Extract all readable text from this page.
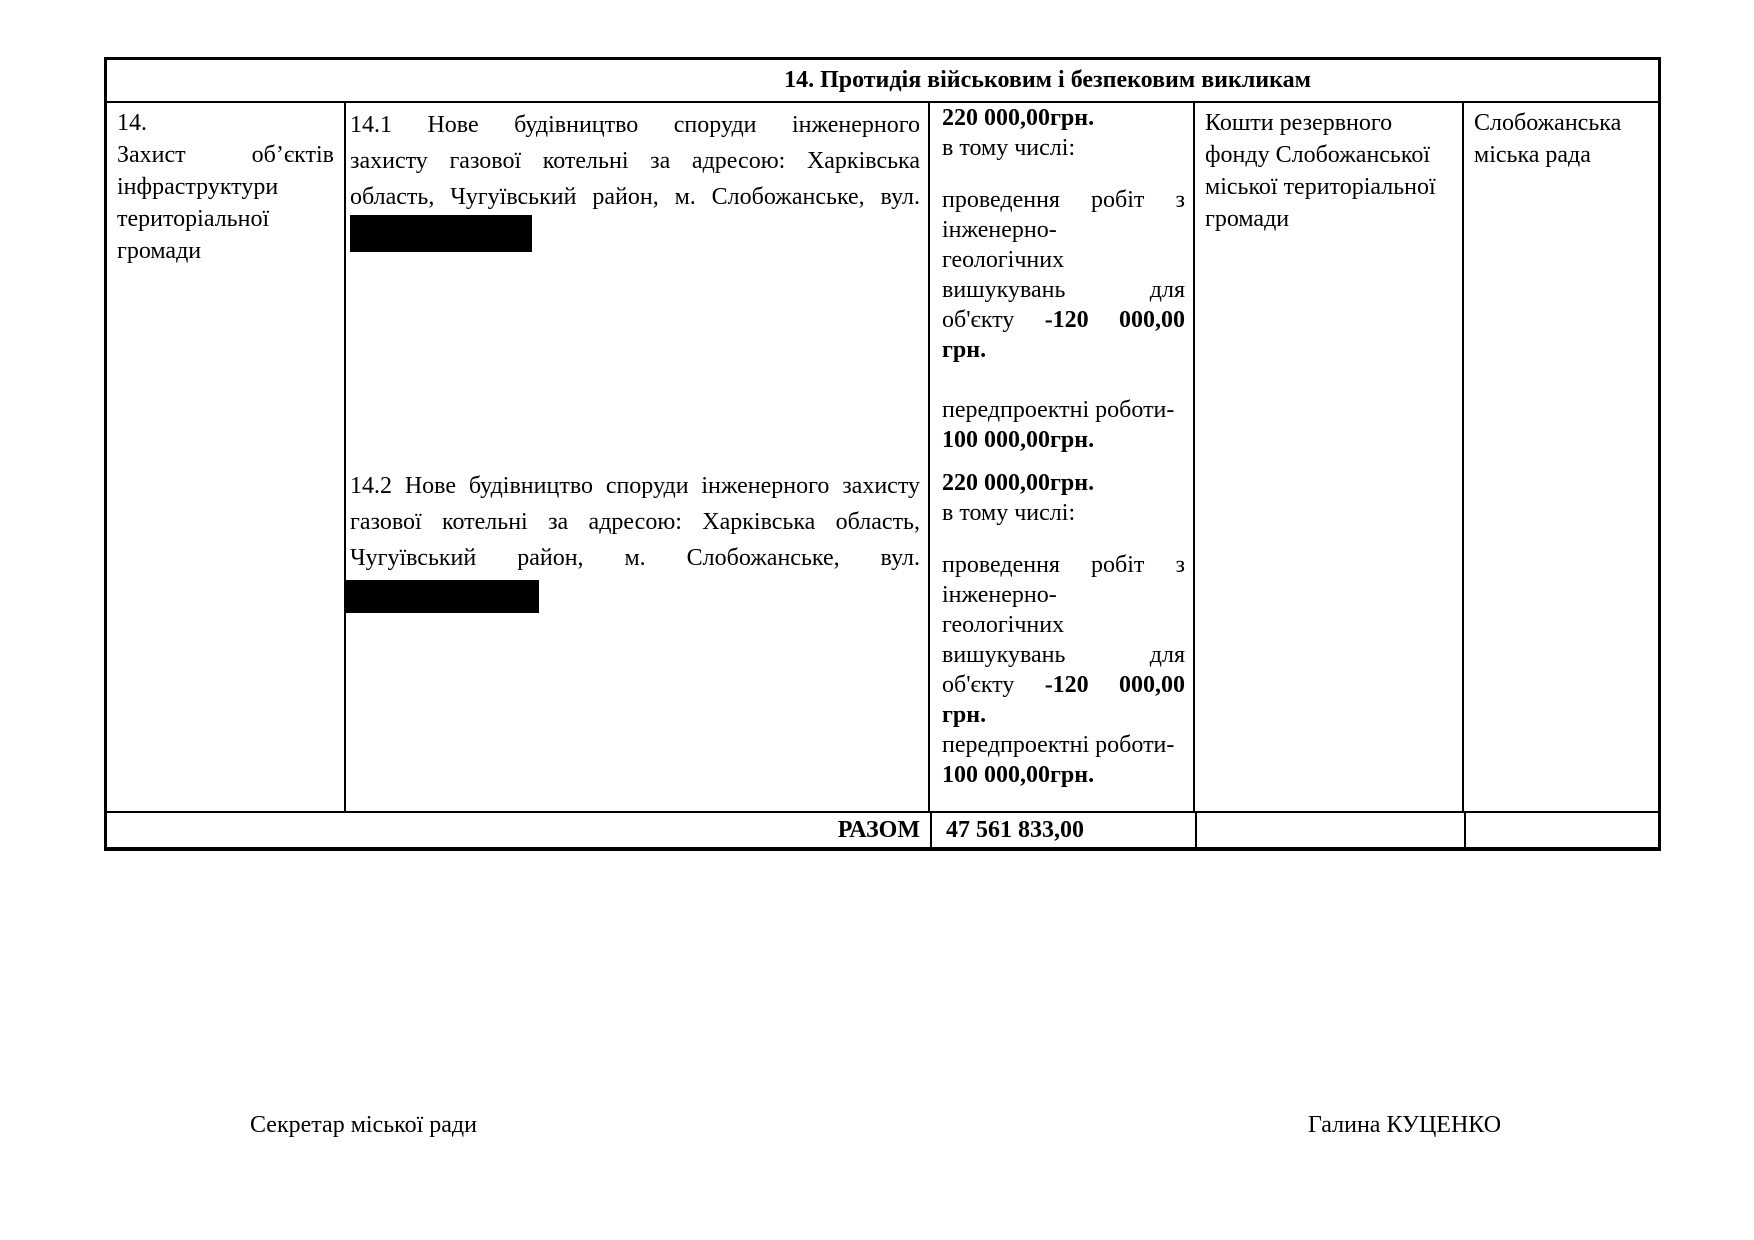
14. Протидія військовим і безпековим викликам
14.
Захист об’єктів
інфраструктури
територіальної
громади
14.1 Нове будівництво споруди інженерного
захисту газової котельні за адресою: Харківська
область, Чугуївський район, м. Слобожанське, вул.
14.2 Нове будівництво споруди інженерного захисту
газової котельні за адресою: Харківська область,
Чугуївський район, м. Слобожанське, вул.
220 000,00грн.
в тому числі:
проведення робіт з
інженерно-
геологічних
вишукувань для
об'єкту -120 000,00
грн.
передпроектні роботи-
100 000,00грн.
220 000,00грн.
в тому числі:
проведення робіт з
інженерно-
геологічних
вишукувань для
об'єкту -120 000,00
грн.
передпроектні роботи-
100 000,00грн.
Кошти резервного
фонду Слобожанської
міської територіальної
громади
Слобожанська
міська рада
РАЗОМ	47 561 833,00
Секретар міської ради	Галина КУЦЕНКО
